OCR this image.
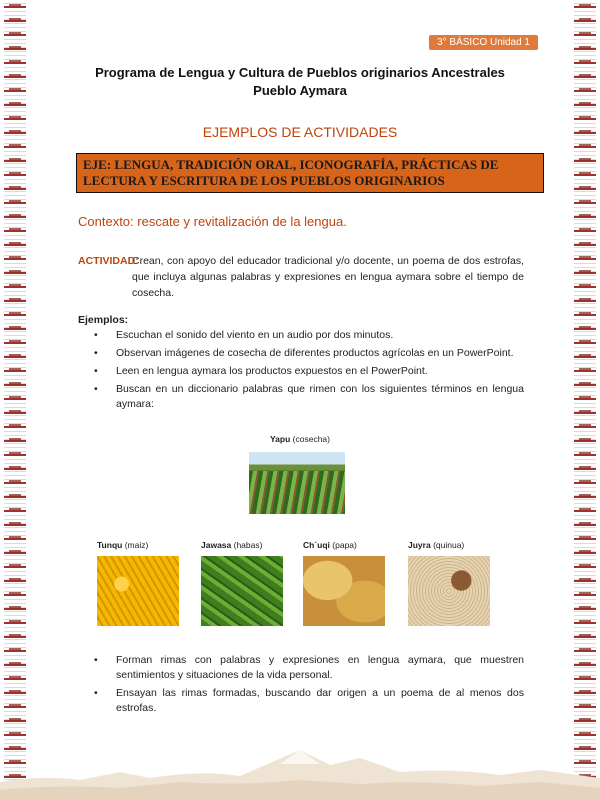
3° BÁSICO Unidad 1
Programa de Lengua y Cultura de Pueblos originarios Ancestrales
Pueblo Aymara
EJEMPLOS DE ACTIVIDADES
EJE: LENGUA, TRADICIÓN ORAL, ICONOGRAFÍA, PRÁCTICAS DE LECTURA Y ESCRITURA DE LOS PUEBLOS ORIGINARIOS
Contexto: rescate y revitalización de la lengua.
ACTIVIDAD:
Crean, con apoyo del educador tradicional y/o docente, un poema de dos estrofas, que incluya algunas palabras y expresiones en lengua aymara sobre el tiempo de cosecha.
Ejemplos:
• Escuchan el sonido del viento en un audio por dos minutos.
• Observan imágenes de cosecha de diferentes productos agrícolas en un PowerPoint.
• Leen en lengua aymara los productos expuestos en el PowerPoint.
• Buscan en un diccionario palabras que rimen con los siguientes términos en lengua aymara:
Yapu (cosecha)
Tunqu (maiz)	Jawasa (habas)	Ch´uqi (papa)	Juyra (quinua)
• Forman rimas con palabras y expresiones en lengua aymara, que muestren sentimientos y situaciones de la vida personal.
• Ensayan las rimas formadas, buscando dar origen a un poema de al menos dos estrofas.
